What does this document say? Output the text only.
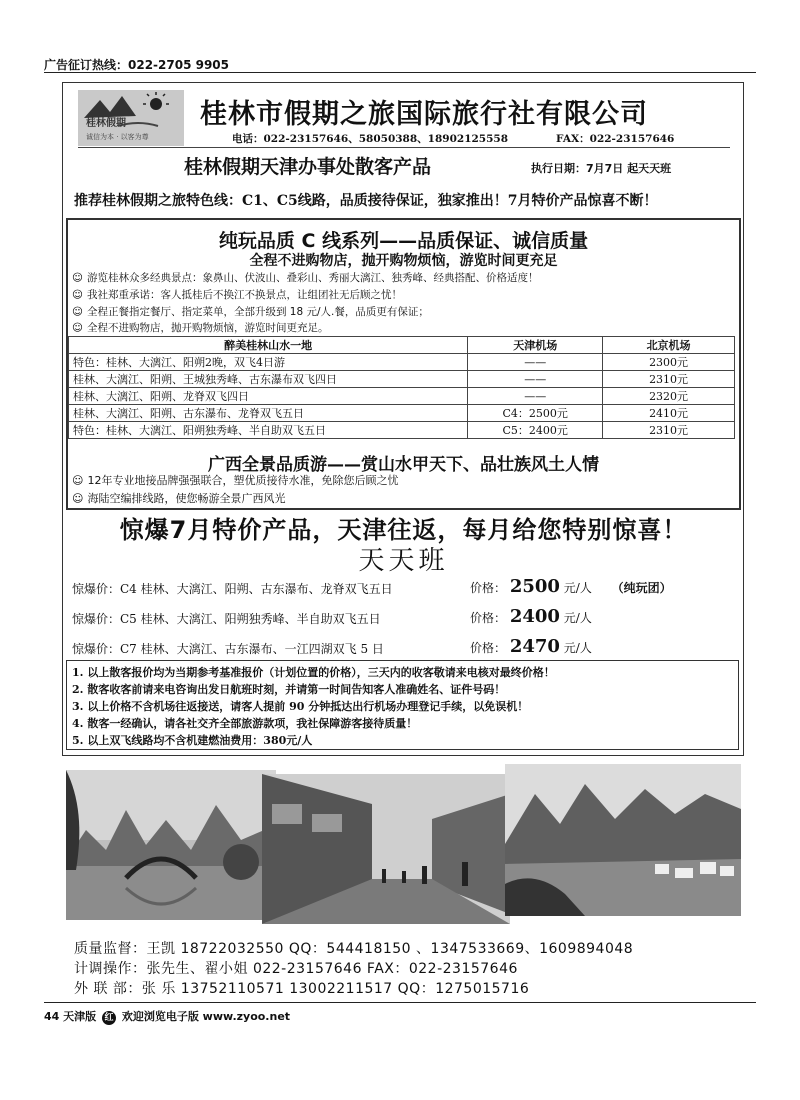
广告征订热线：022-2705 9905
桂林假期
诚信为本 · 以客为尊
桂林市假期之旅国际旅行社有限公司
电话：022-23157646、58050388、18902125558	FAX：022-23157646
桂林假期天津办事处散客产品	执行日期：7月7日 起天天班
推荐桂林假期之旅特色线：C1、C5线路，品质接待保证，独家推出！7月特价产品惊喜不断！
纯玩品质 C 线系列——品质保证、诚信质量
全程不进购物店，抛开购物烦恼，游览时间更充足
☺ 游览桂林众多经典景点：象鼻山、伏波山、叠彩山、秀丽大漓江、独秀峰、经典搭配、价格适度！
☺ 我社郑重承诺：客人抵桂后不换江不换景点，让组团社无后顾之忧！
☺ 全程正餐指定餐厅、指定菜单，全部升级到 18 元/人.餐，品质更有保证；
☺ 全程不进购物店，抛开购物烦恼，游览时间更充足。
醉美桂林山水一地	天津机场	北京机场
特色：桂林、大漓江、阳朔2晚，双飞4日游	——	2300元
桂林、大漓江、阳朔、王城独秀峰、古东瀑布双飞四日	——	2310元
桂林、大漓江、阳朔、龙脊双飞四日	——	2320元
桂林、大漓江、阳朔、古东瀑布、龙脊双飞五日	C4：2500元	2410元
特色：桂林、大漓江、阳朔独秀峰、半自助双飞五日	C5：2400元	2310元
广西全景品质游——赏山水甲天下、品壮族风土人情
☺ 12年专业地接品牌强强联合，塑优质接待水准，免除您后顾之忧
☺ 海陆空编排线路，使您畅游全景广西风光
惊爆7月特价产品，天津往返，每月给您特别惊喜！
天天班
惊爆价：C4 桂林、大漓江、阳朔、古东瀑布、龙脊双飞五日	价格： 2500 元/人 （纯玩团）
惊爆价：C5 桂林、大漓江、阳朔独秀峰、半自助双飞五日	价格： 2400 元/人
惊爆价：C7 桂林、大漓江、古东瀑布、一江四湖双飞 5 日	价格： 2470 元/人
1. 以上散客报价均为当期参考基准报价（计划位置的价格），三天内的收客敬请来电核对最终价格！
2. 散客收客前请来电咨询出发日航班时刻，并请第一时间告知客人准确姓名、证件号码！
3. 以上价格不含机场往返接送，请客人提前 90 分钟抵达出行机场办理登记手续，以免误机！
4. 散客一经确认，请各社交齐全部旅游款项，我社保障游客接待质量！
5. 以上双飞线路均不含机建燃油费用：380元/人
质量监督：王凯 18722032550 QQ：544418150 、1347533669、1609894048
计调操作：张先生、翟小姐 022-23157646 FAX：022-23157646
外 联 部：张 乐 13752110571 13002211517 QQ：1275015716
44 天津版 红 欢迎浏览电子版 www.zyoo.net
